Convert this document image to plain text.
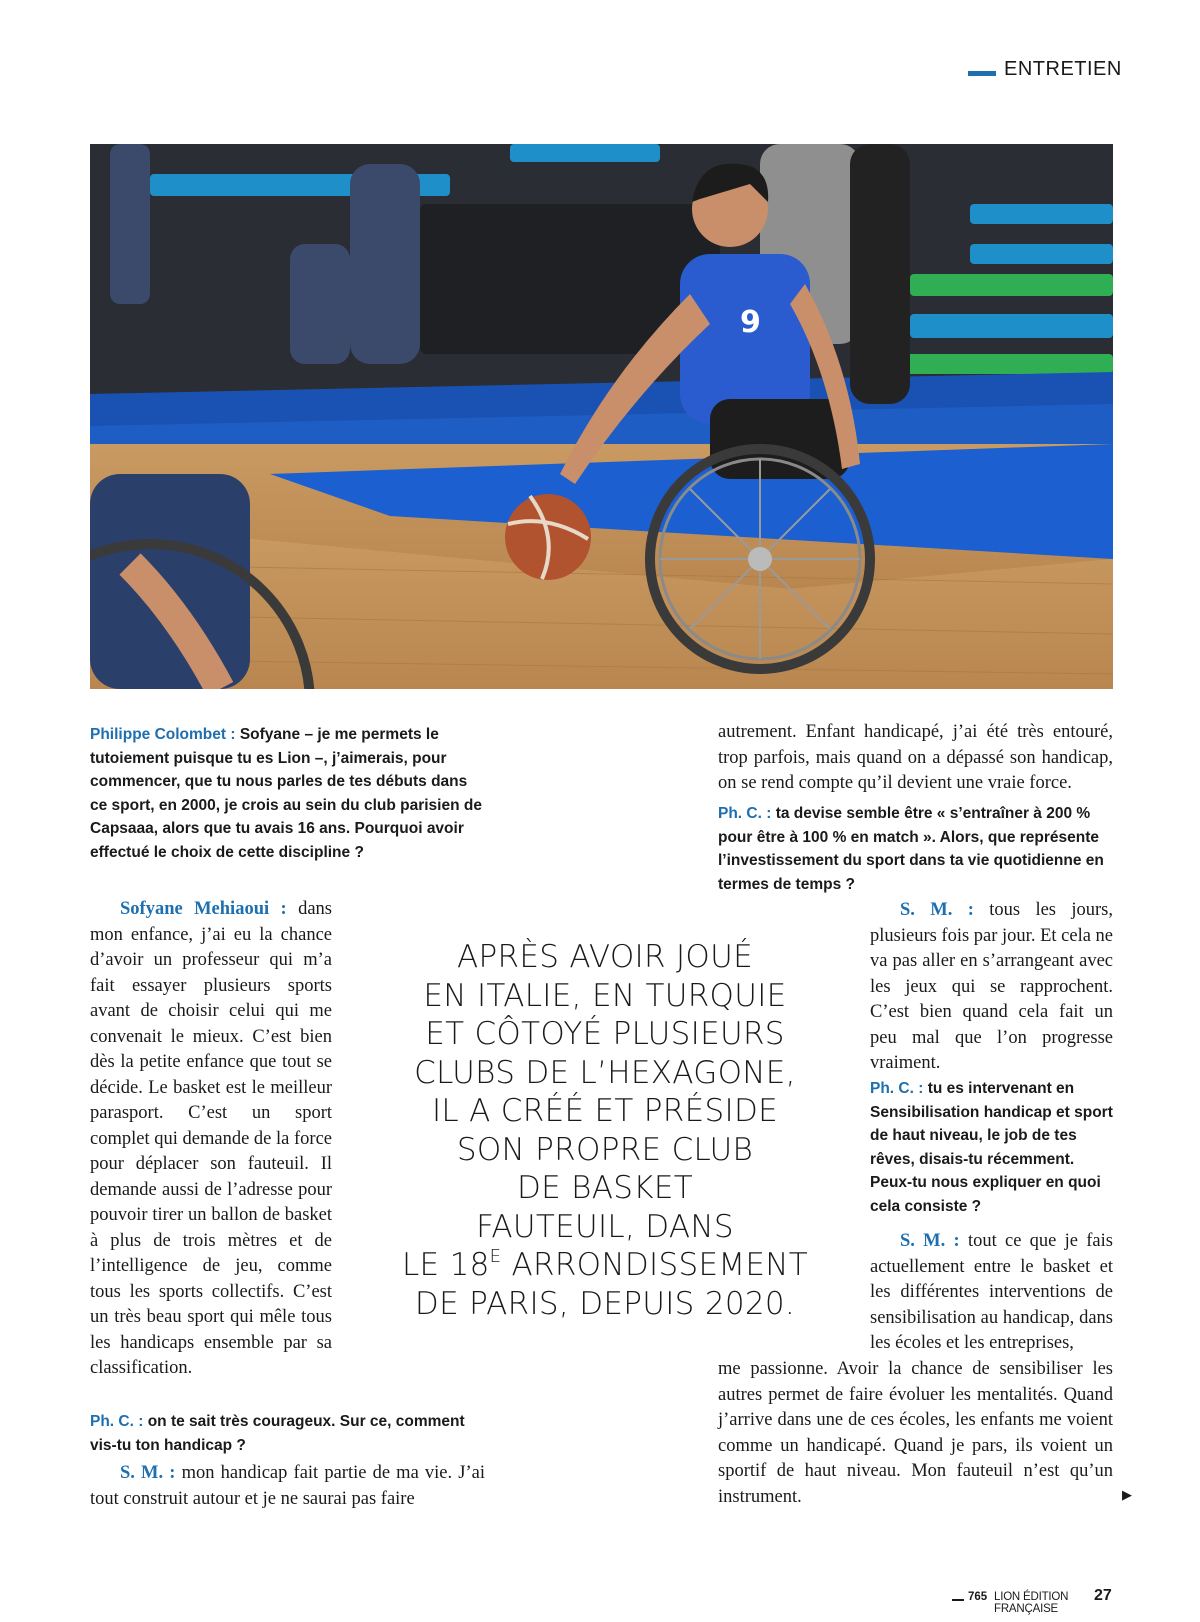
ENTRETIEN
9
Philippe Colombet : Sofyane – je me permets le tutoiement puisque tu es Lion –, j’aimerais, pour commencer, que tu nous parles de tes débuts dans ce sport, en 2000, je crois au sein du club parisien de Capsaaa, alors que tu avais 16 ans. Pourquoi avoir effectué le choix de cette discipline ?
Sofyane Mehiaoui : dans mon enfance, j’ai eu la chance d’avoir un professeur qui m’a fait essayer plusieurs sports avant de choisir celui qui me convenait le mieux. C’est bien dès la petite enfance que tout se décide. Le basket est le meilleur parasport. C’est un sport complet qui demande de la force pour déplacer son fauteuil. Il demande aussi de l’adresse pour pouvoir tirer un ballon de basket à plus de trois mètres et de l’intelligence de jeu, comme tous les sports collectifs. C’est un très beau sport qui mêle tous les handicaps ensemble par sa classification.
Ph. C. : on te sait très courageux. Sur ce, comment vis-tu ton handicap ?
S. M. : mon handicap fait partie de ma vie. J’ai tout construit autour et je ne saurai pas faire
autrement. Enfant handicapé, j’ai été très entouré, trop parfois, mais quand on a dépassé son handicap, on se rend compte qu’il devient une vraie force.
Ph. C. : ta devise semble être « s’entraîner à 200 % pour être à 100 % en match ». Alors, que représente l’investissement du sport dans ta vie quotidienne en termes de temps ?
S. M. : tous les jours, plusieurs fois par jour. Et cela ne va pas aller en s’arrangeant avec les jeux qui se rapprochent. C’est bien quand cela fait un peu mal que l’on progresse vraiment.
Ph. C. : tu es intervenant en Sensibilisation handicap et sport de haut niveau, le job de tes rêves, disais-tu récemment. Peux-tu nous expliquer en quoi cela consiste ?
S. M. : tout ce que je fais actuellement entre le basket et les différentes interventions de sensibilisation au handicap, dans les écoles et les entreprises,
me passionne. Avoir la chance de sensibiliser les autres permet de faire évoluer les mentalités. Quand j’arrive dans une de ces écoles, les enfants me voient comme un handicapé. Quand je pars, ils voient un sportif de haut niveau. Mon fauteuil n’est qu’un instrument.
APRÈS AVOIR JOUÉ
EN ITALIE, EN TURQUIE
ET CÔTOYÉ PLUSIEURS
CLUBS DE L’HEXAGONE,
IL A CRÉÉ ET PRÉSIDE
SON PROPRE CLUB
DE BASKET
FAUTEUIL, DANS
LE $18^E$ ARRONDISSEMENT
DE PARIS, DEPUIS 2020.
▶
765 LION ÉDITION FRANÇAISE
27
